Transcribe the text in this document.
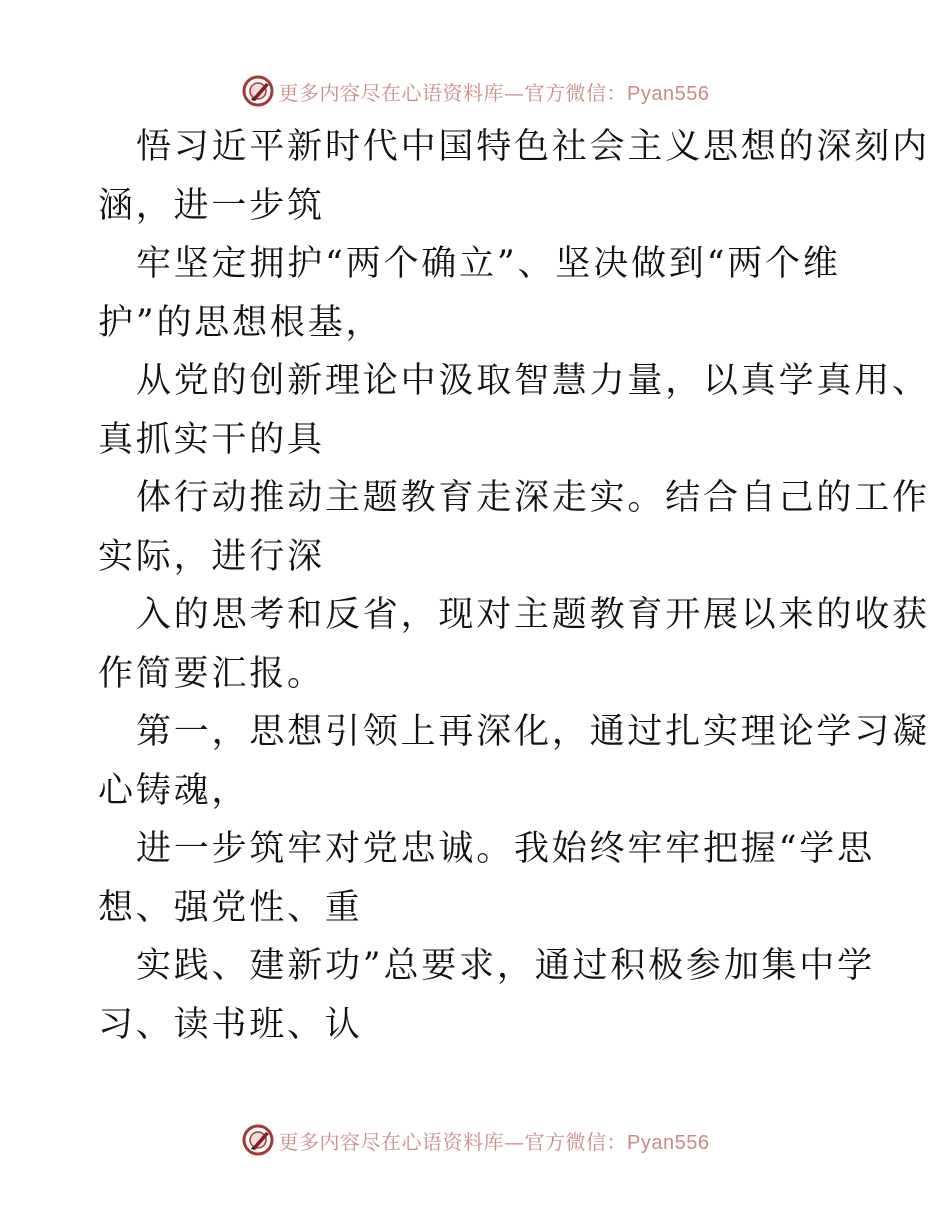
更多内容尽在心语资料库—官方微信：Pyan556

悟习近平新时代中国特色社会主义思想的深刻内
涵，进一步筑

牢坚定拥护“两个确立”、坚决做到“两个维
护”的思想根基，

从党的创新理论中汲取智慧力量，以真学真用、
真抓实干的具

体行动推动主题教育走深走实。结合自己的工作
实际，进行深

入的思考和反省，现对主题教育开展以来的收获
作简要汇报。

第一，思想引领上再深化，通过扎实理论学习凝
心铸魂，

进一步筑牢对党忠诚。我始终牢牢把握“学思
想、强党性、重

实践、建新功”总要求，通过积极参加集中学
习、读书班、认

更多内容尽在心语资料库—官方微信：Pyan556
